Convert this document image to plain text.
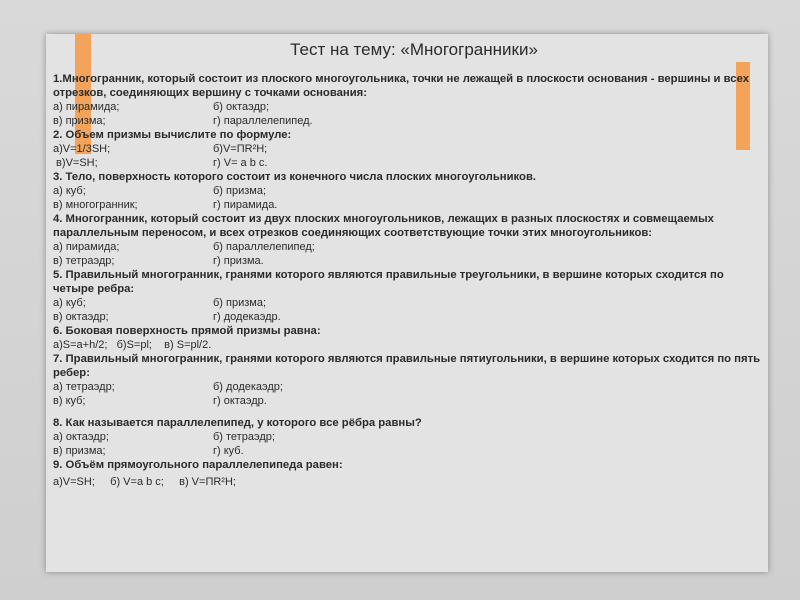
Тест на тему: «Многогранники»

1.Многогранник, который состоит из плоского многоугольника, точки не лежащей в плоскости основания - вершины и всех отрезков, соединяющих вершину с точками основания:

а) пирамида;	б) октаэдр;

в) призма;	г) параллелепипед.

2. Объем призмы вычислите по формуле:

а)V=1/3SH;	б)V=ПR²H;

в)V=SH;	г) V= a b c.

3. Тело, поверхность которого состоит из конечного числа плоских многоугольников.

а) куб;	б) призма;

в) многогранник;	г) пирамида.

4. Многогранник, который состоит из двух плоских многоугольников, лежащих в разных плоскостях и совмещаемых параллельным переносом, и всех отрезков соединяющих соответствующие точки этих многоугольников:

а) пирамида;	б) параллелепипед;

в) тетраэдр;	г) призма.

5. Правильный многогранник, гранями которого являются правильные треугольники, в вершине которых сходится по четыре ребра:

а) куб;	б) призма;

в) октаэдр;	г) додекаэдр.

6. Боковая поверхность прямой призмы равна:

а)S=a+h/2;   б)S=pl;    в) S=pl/2.

7. Правильный многогранник, гранями которого являются правильные пятиугольники, в вершине которых сходится по пять ребер:

а) тетраэдр;	б) додекаэдр;

в) куб;	г) октаэдр.

8. Как называется параллелепипед, у которого все рёбра равны?

а) октаэдр;	б) тетраэдр;

в) призма;	г) куб.

9. Объём прямоугольного параллелепипеда равен:

а)V=SH;     б) V=a b c;     в) V=ПR²H;
